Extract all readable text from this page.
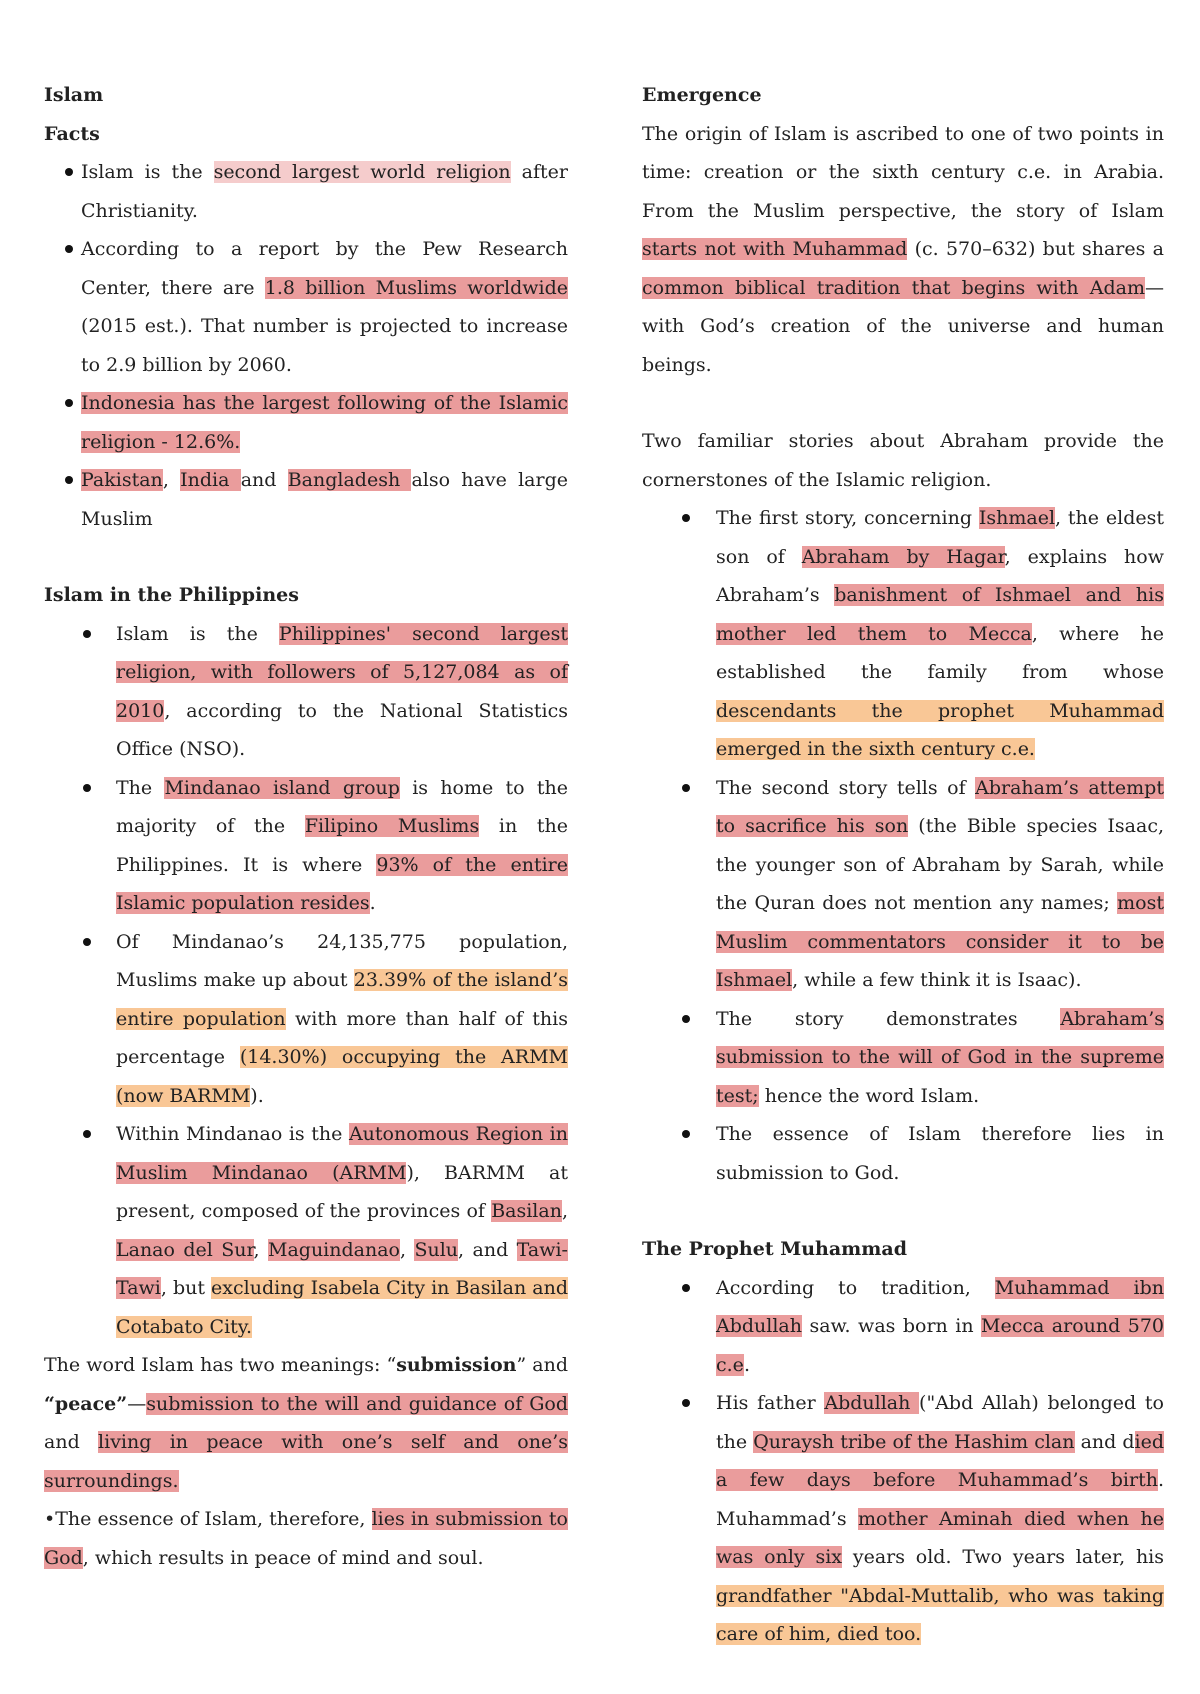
Islam

Facts

Islam is the second largest world religion after Christianity.
According to a report by the Pew Research Center, there are 1.8 billion Muslims worldwide (2015 est.). That number is projected to increase to 2.9 billion by 2060.
Indonesia has the largest following of the Islamic religion - 12.6%.
Pakistan, India and Bangladesh also have large Muslim

Islam in the Philippines

Islam is the Philippines' second largest religion, with followers of 5,127,084 as of 2010, according to the National Statistics Office (NSO).
The Mindanao island group is home to the majority of the Filipino Muslims in the Philippines. It is where 93% of the entire Islamic population resides.
Of Mindanao’s 24,135,775 population, Muslims make up about 23.39% of the island’s entire population with more than half of this percentage (14.30%) occupying the ARMM (now BARMM).
Within Mindanao is the Autonomous Region in Muslim Mindanao (ARMM), BARMM at present, composed of the provinces of Basilan, Lanao del Sur, Maguindanao, Sulu, and Tawi-Tawi, but excluding Isabela City in Basilan and Cotabato City.

The word Islam has two meanings: “submission” and “peace”—submission to the will and guidance of God and living in peace with one’s self and one’s surroundings.

•The essence of Islam, therefore, lies in submission to God, which results in peace of mind and soul.

Emergence

The origin of Islam is ascribed to one of two points in time: creation or the sixth century c.e. in Arabia. From the Muslim perspective, the story of Islam starts not with Muhammad (c. 570–632) but shares a common biblical tradition that begins with Adam—with God’s creation of the universe and human beings.

Two familiar stories about Abraham provide the cornerstones of the Islamic religion.

The first story, concerning Ishmael, the eldest son of Abraham by Hagar, explains how Abraham’s banishment of Ishmael and his mother led them to Mecca, where he established the family from whose descendants the prophet Muhammad emerged in the sixth century c.e.
The second story tells of Abraham’s attempt to sacrifice his son (the Bible species Isaac, the younger son of Abraham by Sarah, while the Quran does not mention any names; most Muslim commentators consider it to be Ishmael, while a few think it is Isaac).
The story demonstrates Abraham’s submission to the will of God in the supreme test; hence the word Islam.
The essence of Islam therefore lies in submission to God.

The Prophet Muhammad

According to tradition, Muhammad ibn Abdullah saw. was born in Mecca around 570 c.e.
His father Abdullah ("Abd Allah) belonged to the Quraysh tribe of the Hashim clan and died a few days before Muhammad’s birth. Muhammad’s mother Aminah died when he was only six years old. Two years later, his grandfather "Abdal-Muttalib, who was taking care of him, died too.
